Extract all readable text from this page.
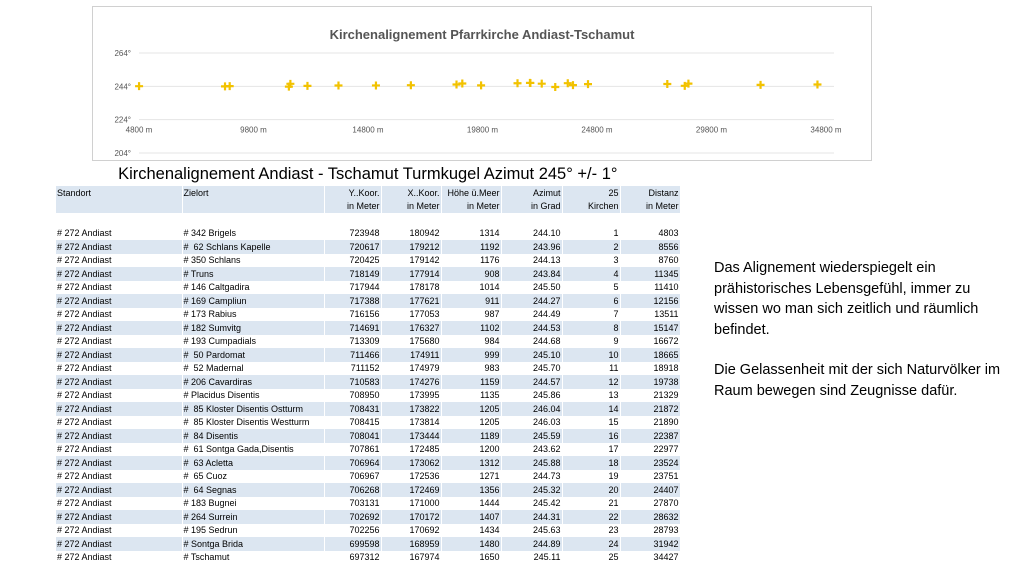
Kirchenalignement Pfarrkirche Andiast-Tschamut
264°
244°
224°
204°
4800 m	9800 m	14800 m	19800 m	24800 m	29800 m	34800 m
Kirchenalignement Andiast - Tschamut Turmkugel Azimut 245° +/- 1°							
Standort	Zielort	Y..Koor.	X..Koor.	Höhe ü.Meer	Azimut	25	Distanz
		in Meter	in Meter	in Meter	in Grad	Kirchen	in Meter

# 272 Andiast	# 342 Brigels	723948	180942	1314	244.10	1	4803
# 272 Andiast	#  62 Schlans Kapelle	720617	179212	1192	243.96	2	8556
# 272 Andiast	# 350 Schlans	720425	179142	1176	244.13	3	8760
# 272 Andiast	# Truns	718149	177914	908	243.84	4	11345
# 272 Andiast	# 146 Caltgadira	717944	178178	1014	245.50	5	11410
# 272 Andiast	# 169 Campliun	717388	177621	911	244.27	6	12156
# 272 Andiast	# 173 Rabius	716156	177053	987	244.49	7	13511
# 272 Andiast	# 182 Sumvitg	714691	176327	1102	244.53	8	15147
# 272 Andiast	# 193 Cumpadials	713309	175680	984	244.68	9	16672
# 272 Andiast	#  50 Pardomat	711466	174911	999	245.10	10	18665
# 272 Andiast	#  52 Madernal	711152	174979	983	245.70	11	18918
# 272 Andiast	# 206 Cavardiras	710583	174276	1159	244.57	12	19738
# 272 Andiast	# Placidus Disentis	708950	173995	1135	245.86	13	21329
# 272 Andiast	#  85 Kloster Disentis Ostturm	708431	173822	1205	246.04	14	21872
# 272 Andiast	#  85 Kloster Disentis Westturm	708415	173814	1205	246.03	15	21890
# 272 Andiast	#  84 Disentis	708041	173444	1189	245.59	16	22387
# 272 Andiast	#  61 Sontga Gada,Disentis	707861	172485	1200	243.62	17	22977
# 272 Andiast	#  63 Acletta	706964	173062	1312	245.88	18	23524
# 272 Andiast	#  65 Cuoz	706967	172536	1271	244.73	19	23751
# 272 Andiast	#  64 Segnas	706268	172469	1356	245.32	20	24407
# 272 Andiast	# 183 Bugnei	703131	171000	1444	245.42	21	27870
# 272 Andiast	# 264 Surrein	702692	170172	1407	244.31	22	28632
# 272 Andiast	# 195 Sedrun	702256	170692	1434	245.63	23	28793
# 272 Andiast	# Sontga Brida	699598	168959	1480	244.89	24	31942
# 272 Andiast	# Tschamut	697312	167974	1650	245.11	25	34427

Das Alignement wiederspiegelt ein prähistorisches Lebensgefühl, immer zu wissen wo man sich zeitlich und räumlich befindet.

Die Gelassenheit mit der sich Naturvölker im
Raum bewegen sind Zeugnisse dafür.
